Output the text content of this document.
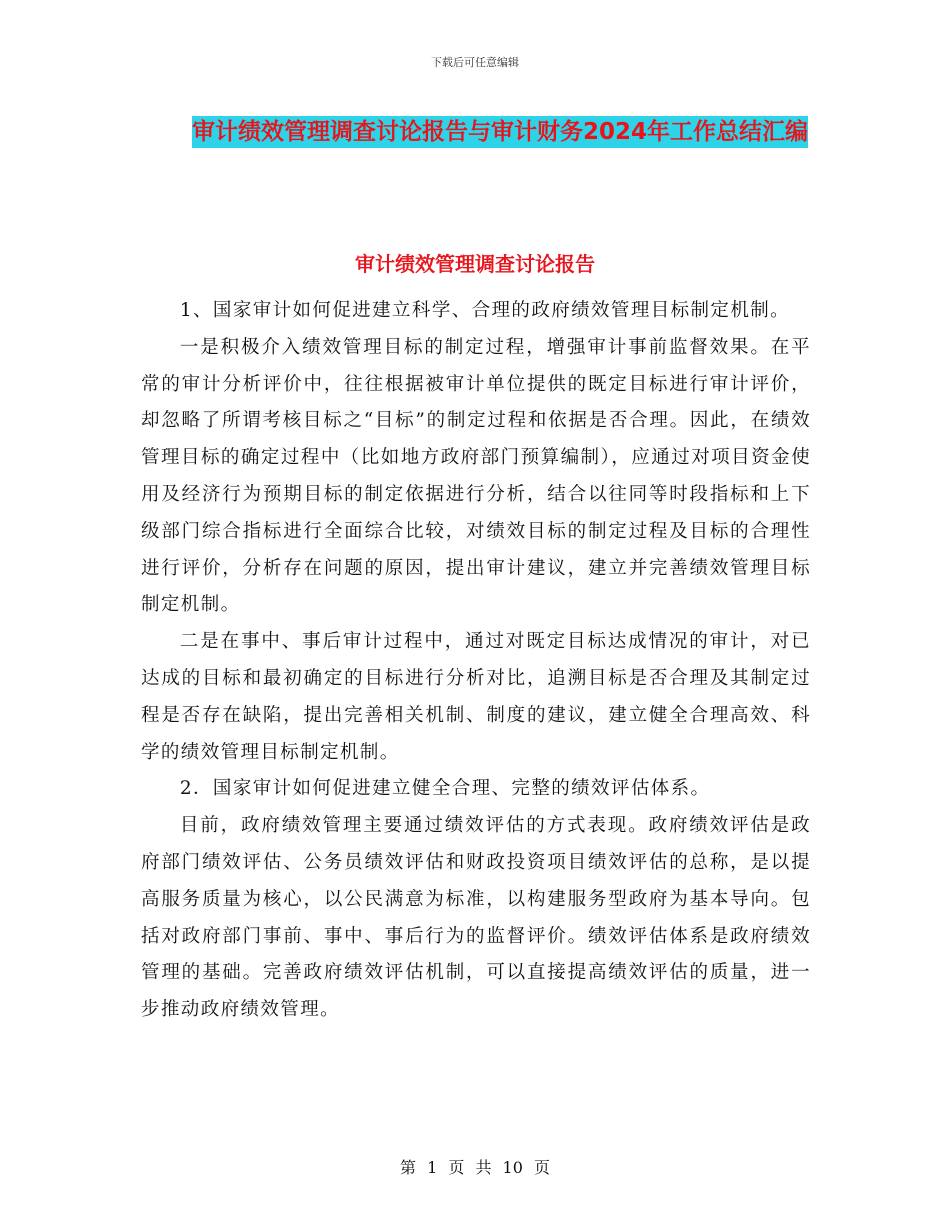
下载后可任意编辑
审计绩效管理调查讨论报告与审计财务2024年工作总结汇编
审计绩效管理调查讨论报告

1、国家审计如何促进建立科学、合理的政府绩效管理目标制定机制。

一是积极介入绩效管理目标的制定过程，增强审计事前监督效果。在平常的审计分析评价中，往往根据被审计单位提供的既定目标进行审计评价，却忽略了所谓考核目标之“目标”的制定过程和依据是否合理。因此，在绩效管理目标的确定过程中（比如地方政府部门预算编制），应通过对项目资金使用及经济行为预期目标的制定依据进行分析，结合以往同等时段指标和上下级部门综合指标进行全面综合比较，对绩效目标的制定过程及目标的合理性进行评价，分析存在问题的原因，提出审计建议，建立并完善绩效管理目标制定机制。

二是在事中、事后审计过程中，通过对既定目标达成情况的审计，对已达成的目标和最初确定的目标进行分析对比，追溯目标是否合理及其制定过程是否存在缺陷，提出完善相关机制、制度的建议，建立健全合理高效、科学的绩效管理目标制定机制。

2．国家审计如何促进建立健全合理、完整的绩效评估体系。

目前，政府绩效管理主要通过绩效评估的方式表现。政府绩效评估是政府部门绩效评估、公务员绩效评估和财政投资项目绩效评估的总称，是以提高服务质量为核心，以公民满意为标准，以构建服务型政府为基本导向。包括对政府部门事前、事中、事后行为的监督评价。绩效评估体系是政府绩效管理的基础。完善政府绩效评估机制，可以直接提高绩效评估的质量，进一步推动政府绩效管理。

第 1 页 共 10 页
